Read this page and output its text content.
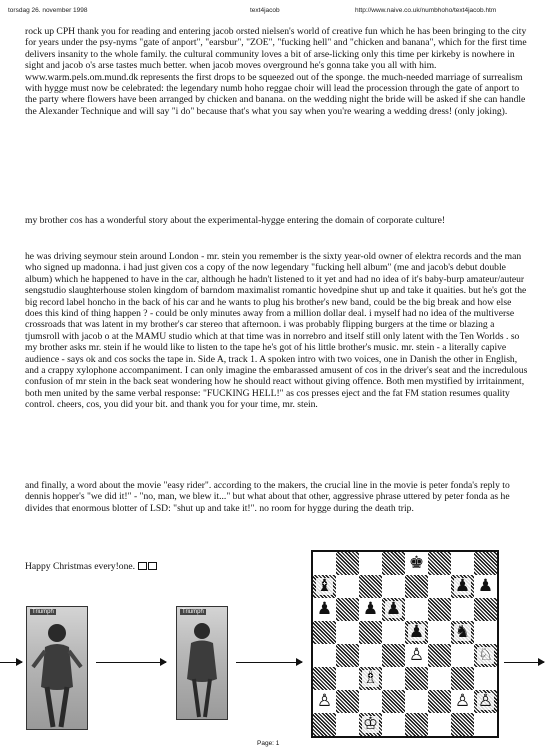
torsdag 26. november 1998	text4jacob	http://www.naive.co.uk/numbhoho/text4jacob.htm

rock up CPH thank you for reading and entering jacob orsted nielsen's world of creative fun which he has been bringing to the city for years under the psy-nyms "gate of anport", "earsbur", "ZOE", "fucking hell" and "chicken and banana", which for the first time delivers insanity to the whole family. the cultural community loves a bit of arse-licking only this time per kirkeby is nowhere in sight and jacob o's arse tastes much better. when jacob moves overground he's gonna take you all with him. www.warm.pels.om.mund.dk represents the first drops to be squeezed out of the sponge. the much-needed marriage of surrealism with hygge must now be celebrated: the legendary numb hoho reggae choir will lead the procession through the gate of anport to the party where flowers have been arranged by chicken and banana. on the wedding night the bride will be asked if she can handle the Alexander Technique and will say "i do" because that's what you say when you're wearing a wedding dress! (only joking).

my brother cos has a wonderful story about the experimental-hygge entering the domain of corporate culture!

he was driving seymour stein around London - mr. stein you remember is the sixty year-old owner of elektra records and the man who signed up madonna. i had just given cos a copy of the now legendary "fucking hell album" (me and jacob's debut double album) which he happened to have in the car, although he hadn't listened to it yet and had no idea of it's baby-burp amateur/auteur sengstudio slaughterhouse stolen kingdom of barndom maximalist romantic hovedpine shut up and take it quaities. but he's got the big record label honcho in the back of his car and he wants to plug his brother's new band, could be the big break and how else does this kind of thing happen ? - could be only minutes away from a million dollar deal. i myself had no idea of the multiverse crossroads that was latent in my brother's car stereo that afternoon. i was probably flipping burgers at the time or blazing a tjumsroll with jacob o at the MAMU studio which at that time was in norrebro and itself still only latent with the Ten Worlds . so my brother asks mr. stein if he would like to listen to the tape he's got of his little brother's music. mr. stein - a literally capive audience - says ok and cos socks the tape in. Side A, track 1. A spoken intro with two voices, one in Danish the other in English, and a crappy xylophone accompaniment. I can only imagine the embarassed amusent of cos in the driver's seat and the incredulous confusion of mr stein in the back seat wondering how he should react without giving offence. Both men mystified by irritainment, both men united by the same verbal response: "FUCKING HELL!" as cos presses eject and the fat FM station resumes quality control. cheers, cos, you did your bit. and thank you for your time, mr. stein.

and finally, a word about the movie "easy rider". according to the makers, the crucial line in the movie is peter fonda's reply to dennis hopper's "we did it!" - "no, man, we blew it..." but what about that other, aggressive phrase uttered by peter fonda as he divides that enormous blotter of LSD: "shut up and take it!". no room for hygge during the death trip.

Happy Christmas every!one.
Triumph	Triumph
♚
♝	♟ ♟
♟ ♟ ♟
♟ ♞
♙	♘
♗
♙	♙ ♙
♔
Page: 1
